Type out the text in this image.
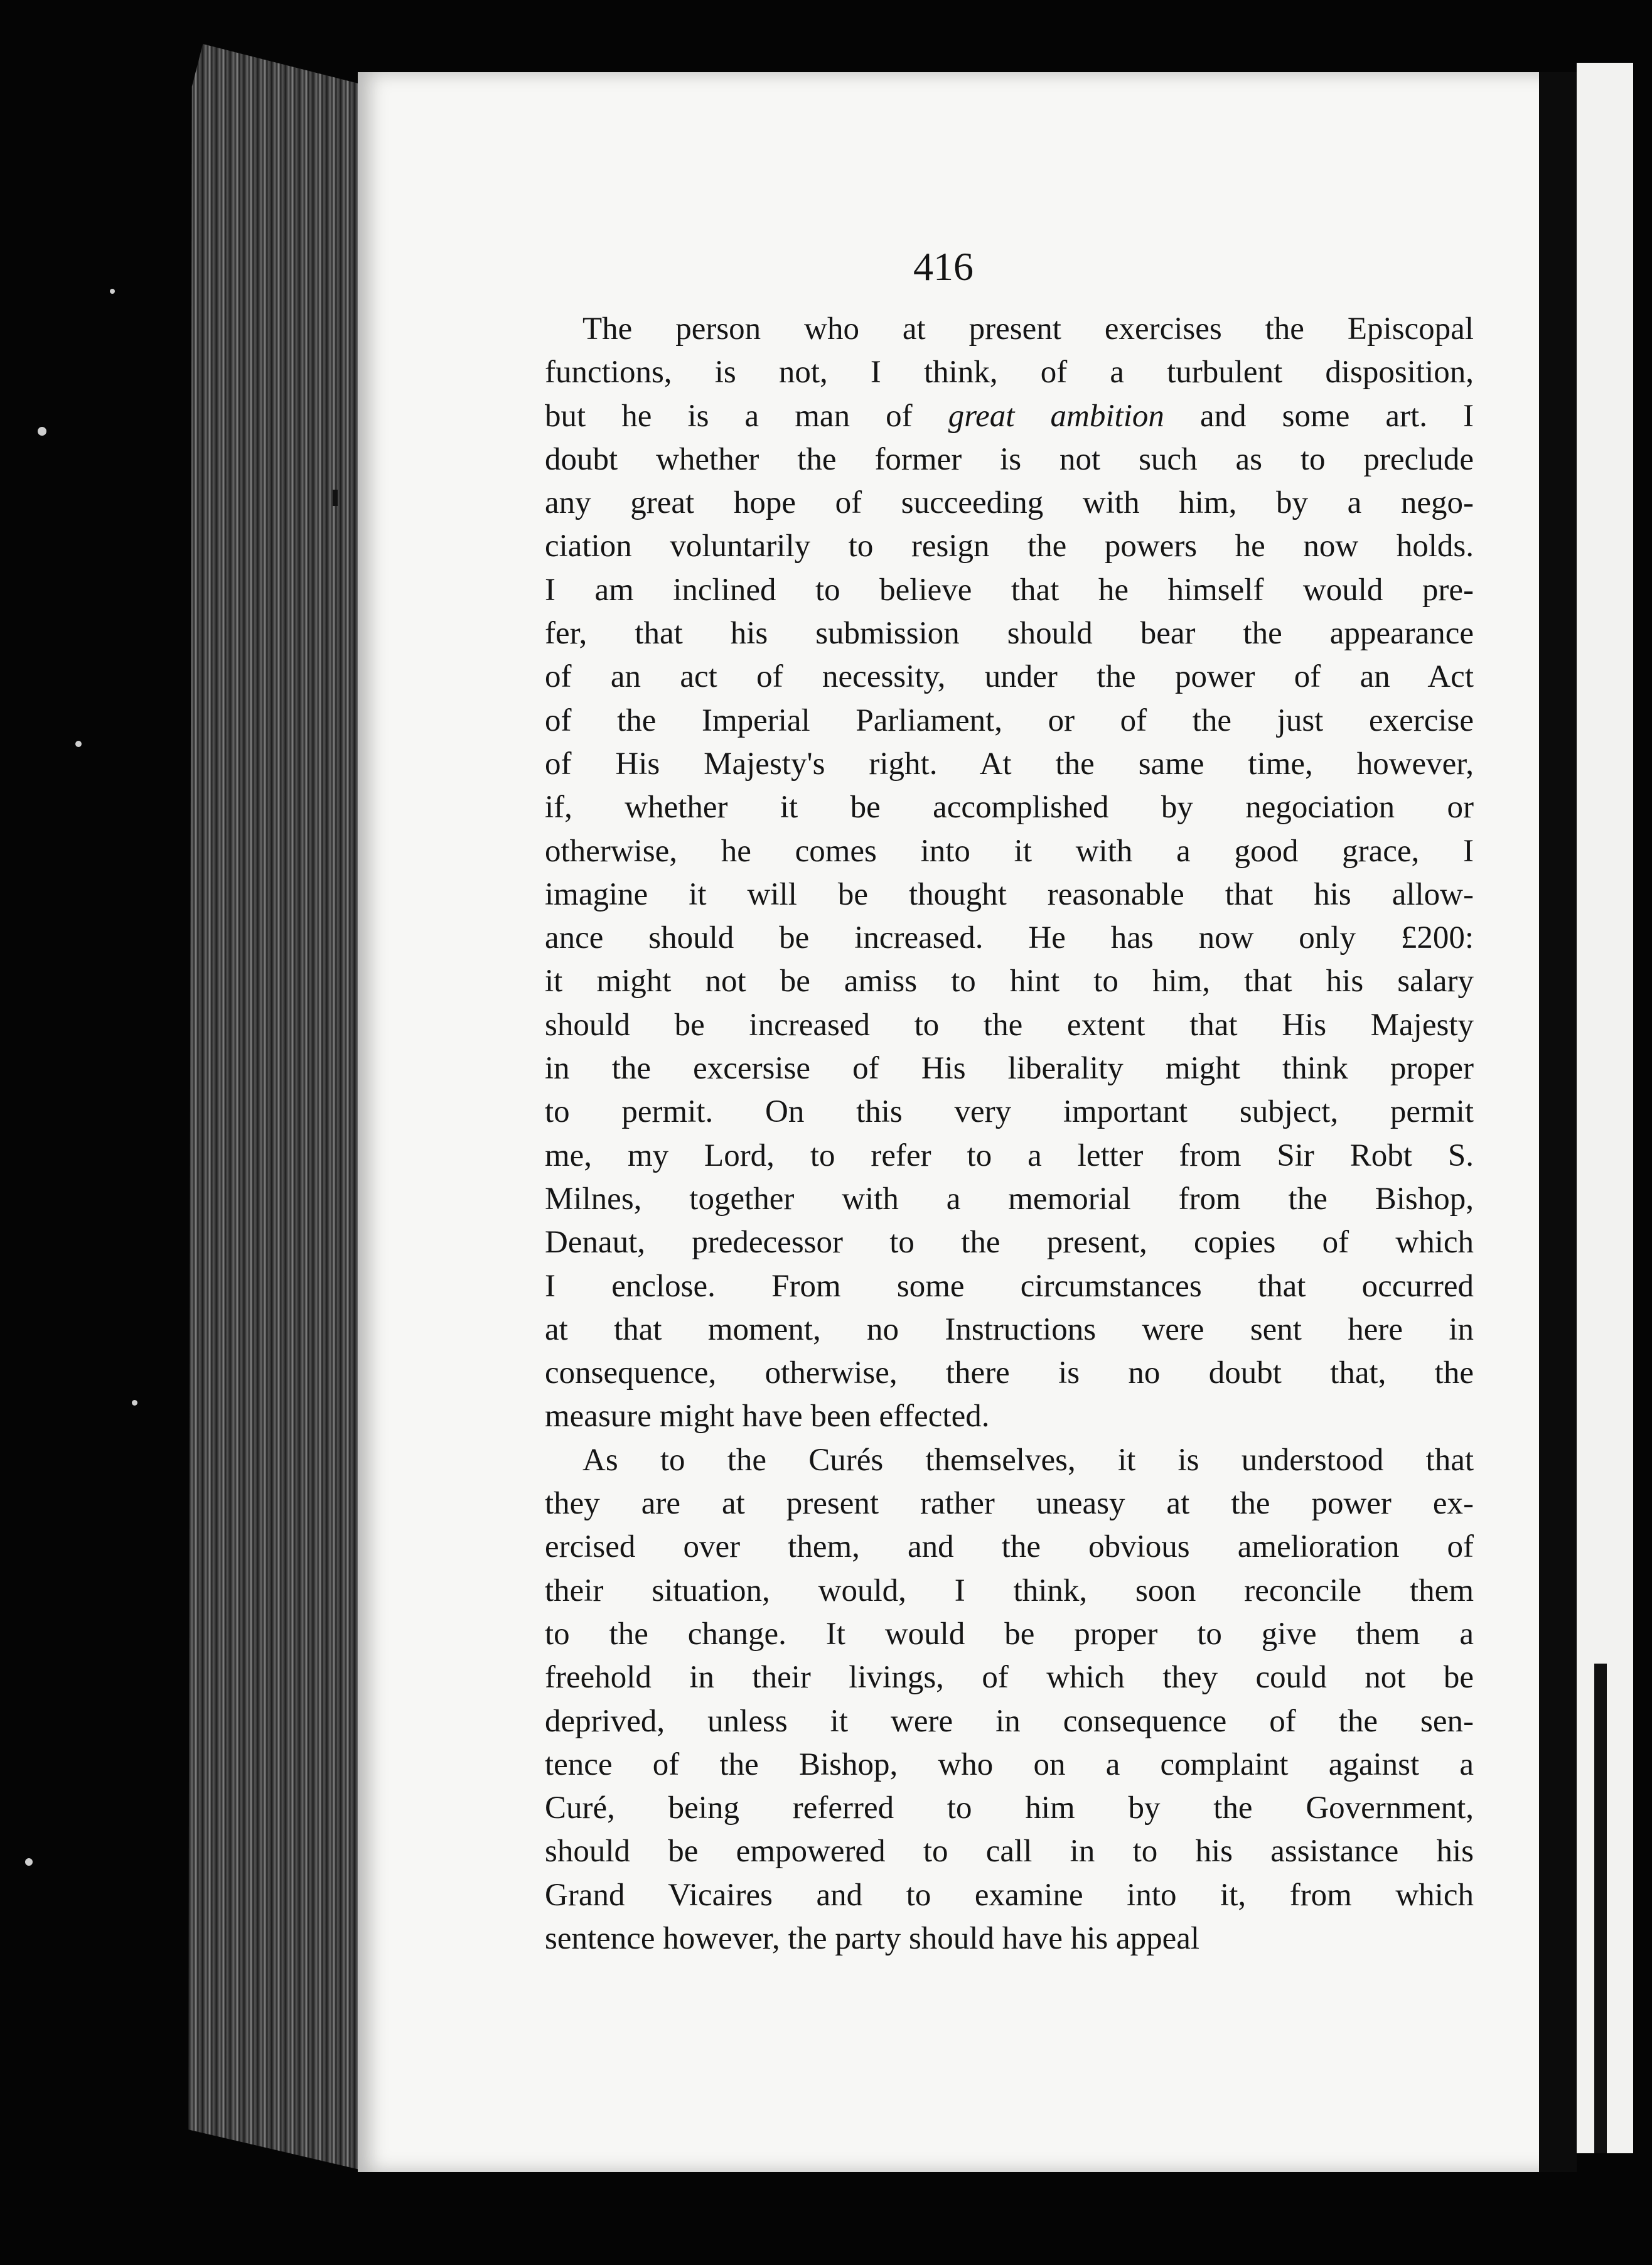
416
The person who at present exercises the Episcopal
functions, is not, I think, of a turbulent disposition,
but he is a man of great ambition and some art. I
doubt whether the former is not such as to preclude
any great hope of succeeding with him, by a nego-
ciation voluntarily to resign the powers he now holds.
I am inclined to believe that he himself would pre-
fer, that his submission should bear the appearance
of an act of necessity, under the power of an Act
of the Imperial Parliament, or of the just exercise
of His Majesty's right. At the same time, however,
if, whether it be accomplished by negociation or
otherwise, he comes into it with a good grace, I
imagine it will be thought reasonable that his allow-
ance should be increased. He has now only £200:
it might not be amiss to hint to him, that his salary
should be increased to the extent that His Majesty
in the excersise of His liberality might think proper
to permit. On this very important subject, permit
me, my Lord, to refer to a letter from Sir Robt S.
Milnes, together with a memorial from the Bishop,
Denaut, predecessor to the present, copies of which
I enclose. From some circumstances that occurred
at that moment, no Instructions were sent here in
consequence, otherwise, there is no doubt that, the
measure might have been effected.
As to the Curés themselves, it is understood that
they are at present rather uneasy at the power ex-
ercised over them, and the obvious amelioration of
their situation, would, I think, soon reconcile them
to the change. It would be proper to give them a
freehold in their livings, of which they could not be
deprived, unless it were in consequence of the sen-
tence of the Bishop, who on a complaint against a
Curé, being referred to him by the Government,
should be empowered to call in to his assistance his
Grand Vicaires and to examine into it, from which
sentence however, the party should have his appeal
